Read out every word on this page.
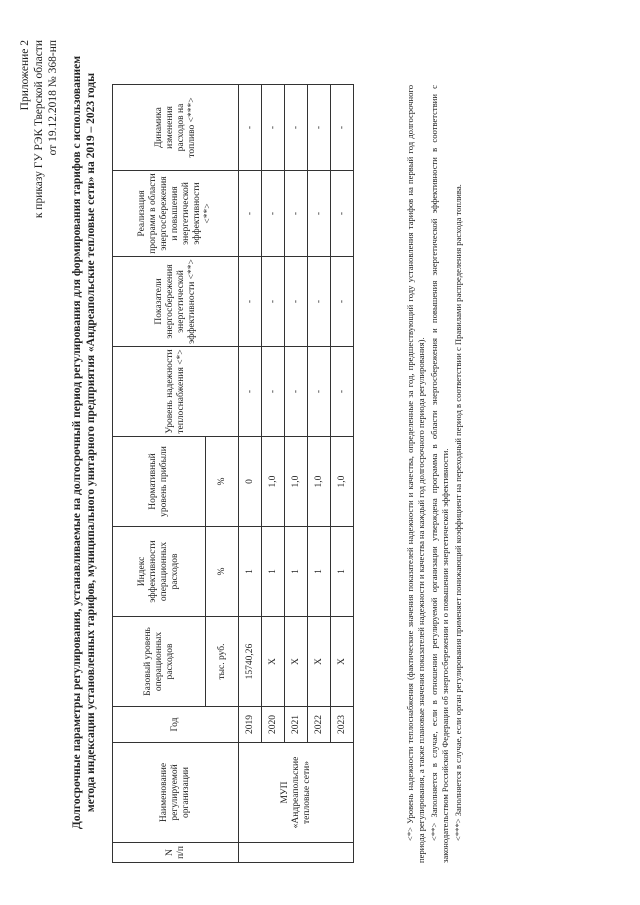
Приложение 2 к приказу ГУ РЭК Тверской области от 19.12.2018 № 368-нп Долгосрочные параметры регулирования, устанавливаемые на долгосрочный период регулирования для формирования тарифов с использованием метода индексации установленных тарифов, муниципального унитарного предприятия «Андреапольские тепловые сети» на 2019 – 2023 годы
N п/п	Наименование регулируемой организации	Год	Базовый уровень операционных расходов	Индекс эффективности операционных расходов	Нормативный уровень прибыли	Уровень надежности теплоснабжения <*>	Показатели энергосбережения энергетической эффективности <**>	Реализация программ в области энергосбережения и повышения энергетической эффективности <**>	Динамика изменения расходов на топливо <***>
			тыс. руб.	%	%				
	МУП «Андреапольские тепловые сети»	2019	15740,26	1	0	-	-	-	-
		2020	Х	1	1,0	-	-	-	-
		2021	Х	1	1,0	-	-	-	-
		2022	Х	1	1,0	-	-	-	-
		2023	Х	1	1,0	-	-	-	-	<*> Уровень надежности теплоснабжения (фактические значения показателей надежности и качества, определенные за год, предшествующий году установления тарифов на первый год долгосрочного периода регулирования, а также плановые значения показателей надежности и качества на каждый год долгосрочного периода регулирования). <**> Заполняется в случае, если в отношении регулируемой организации утверждена программа в области энергосбережения и повышения энергетической эффективности в соответствии с законодательством Российской Федерации об энергосбережении и о повышении энергетической эффективности. <***> Заполняется в случае, если орган регулирования применяет понижающий коэффициент на переходный период в соответствии с Правилами распределения расхода топлива.
